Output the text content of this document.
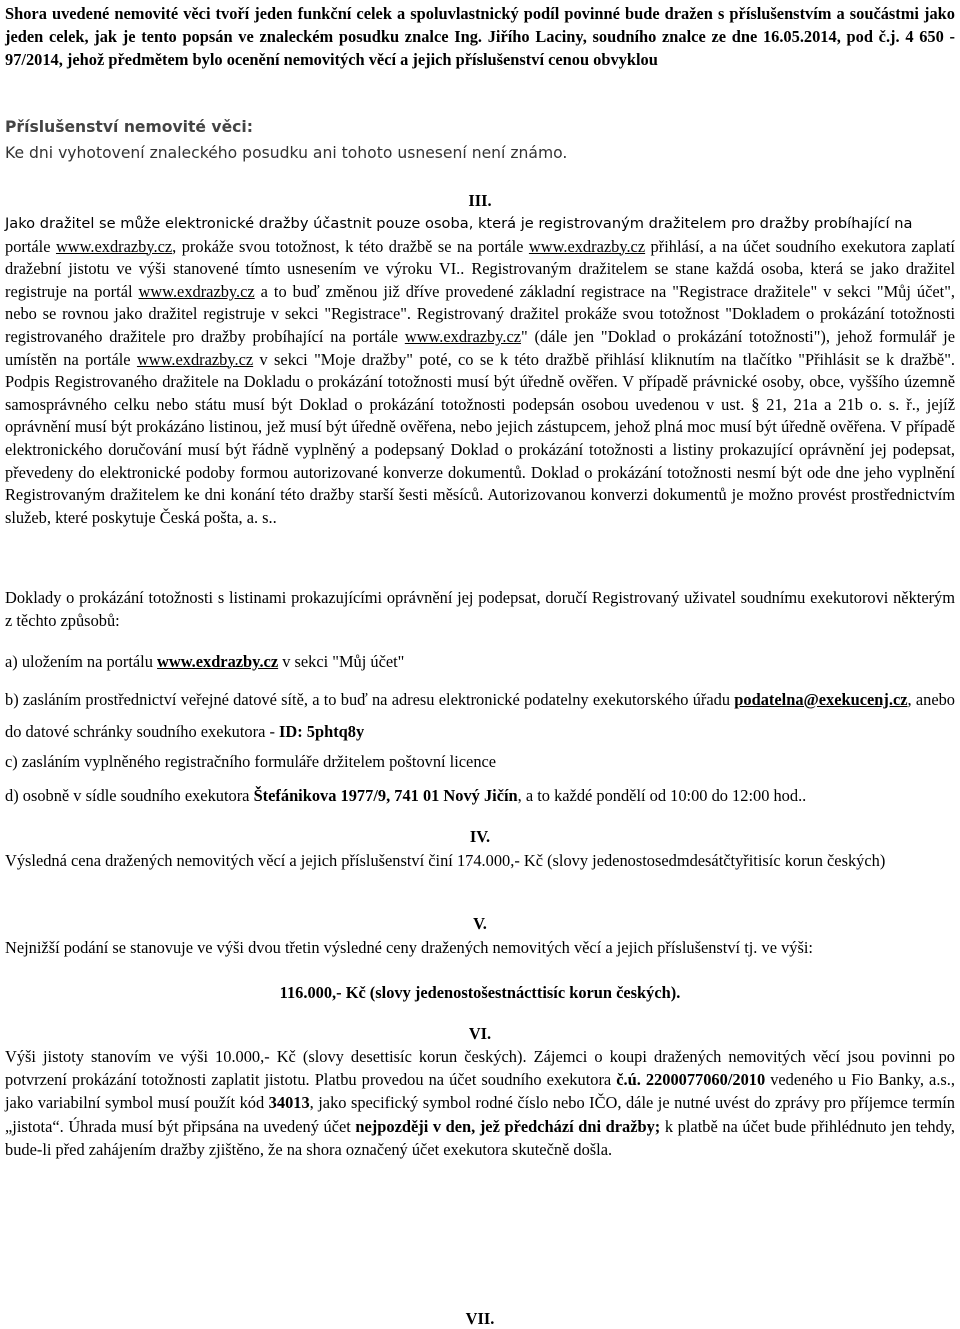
Shora uvedené nemovité věci tvoří jeden funkční celek a spoluvlastnický podíl povinné bude dražen s příslušenstvím a součástmi jako jeden celek, jak je tento popsán ve znaleckém posudku znalce Ing. Jiřího Laciny, soudního znalce ze dne 16.05.2014, pod č.j. 4 650 - 97/2014, jehož předmětem bylo ocenění nemovitých věcí a jejich příslušenství cenou obvyklou

Příslušenství nemovité věci:
Ke dni vyhotovení znaleckého posudku ani tohoto usnesení není známo.

III.

Jako dražitel se může elektronické dražby účastnit pouze osoba, která je registrovaným dražitelem pro dražby probíhající na

portále www.exdrazby.cz, prokáže svou totožnost, k této dražbě se na portále www.exdrazby.cz přihlásí, a na účet soudního exekutora zaplatí dražební jistotu ve výši stanovené tímto usnesením ve výroku VI.. Registrovaným dražitelem se stane každá osoba, která se jako dražitel registruje na portál www.exdrazby.cz a to buď změnou již dříve provedené základní registrace na "Registrace dražitele" v sekci "Můj účet", nebo se rovnou jako dražitel registruje v sekci "Registrace". Registrovaný dražitel prokáže svou totožnost "Dokladem o prokázání totožnosti registrovaného dražitele pro dražby probíhající na portále www.exdrazby.cz" (dále jen "Doklad o prokázání totožnosti"), jehož formulář je umístěn na portále www.exdrazby.cz v sekci "Moje dražby" poté, co se k této dražbě přihlásí kliknutím na tlačítko "Přihlásit se k dražbě". Podpis Registrovaného dražitele na Dokladu o prokázání totožnosti musí být úředně ověřen. V případě právnické osoby, obce, vyššího územně samosprávného celku nebo státu musí být Doklad o prokázání totožnosti podepsán osobou uvedenou v ust. § 21, 21a a 21b o. s. ř., jejíž oprávnění musí být prokázáno listinou, jež musí být úředně ověřena, nebo jejich zástupcem, jehož plná moc musí být úředně ověřena. V případě elektronického doručování musí být řádně vyplněný a podepsaný Doklad o prokázání totožnosti a listiny prokazující oprávnění jej podepsat, převedeny do elektronické podoby formou autorizované konverze dokumentů. Doklad o prokázání totožnosti nesmí být ode dne jeho vyplnění Registrovaným dražitelem ke dni konání této dražby starší šesti měsíců. Autorizovanou konverzi dokumentů je možno provést prostřednictvím služeb, které poskytuje Česká pošta, a. s..

Doklady o prokázání totožnosti s listinami prokazujícími oprávnění jej podepsat, doručí Registrovaný uživatel soudnímu exekutorovi některým z těchto způsobů:

a) uložením na portálu www.exdrazby.cz v sekci "Můj účet"

b) zasláním prostřednictví veřejné datové sítě, a to buď na adresu elektronické podatelny exekutorského úřadu podatelna@exekucenj.cz, anebo do datové schránky soudního exekutora - ID: 5phtq8y

c) zasláním vyplněného registračního formuláře držitelem poštovní licence

d) osobně v sídle soudního exekutora Štefánikova 1977/9, 741 01 Nový Jičín, a to každé pondělí od 10:00 do 12:00 hod..

IV.

Výsledná cena dražených nemovitých věcí a jejich příslušenství činí 174.000,- Kč (slovy jedenostosedmdesátčtyřitisíc korun českých)

V.

Nejnižší podání se stanovuje ve výši dvou třetin výsledné ceny dražených nemovitých věcí a jejich příslušenství tj. ve výši:

116.000,- Kč (slovy jedenostošestnácttisíc korun českých).

VI.

Výši jistoty stanovím ve výši 10.000,- Kč (slovy desettisíc korun českých). Zájemci o koupi dražených nemovitých věcí jsou povinni po potvrzení prokázání totožnosti zaplatit jistotu. Platbu provedou na účet soudního exekutora č.ú. 2200077060/2010 vedeného u Fio Banky, a.s., jako variabilní symbol musí použít kód 34013, jako specifický symbol rodné číslo nebo IČO, dále je nutné uvést do zprávy pro příjemce termín „jistota“. Úhrada musí být připsána na uvedený účet nejpozději v den, jež předchází dni dražby; k platbě na účet bude přihlédnuto jen tehdy, bude-li před zahájením dražby zjištěno, že na shora označený účet exekutora skutečně došla.

VII.
